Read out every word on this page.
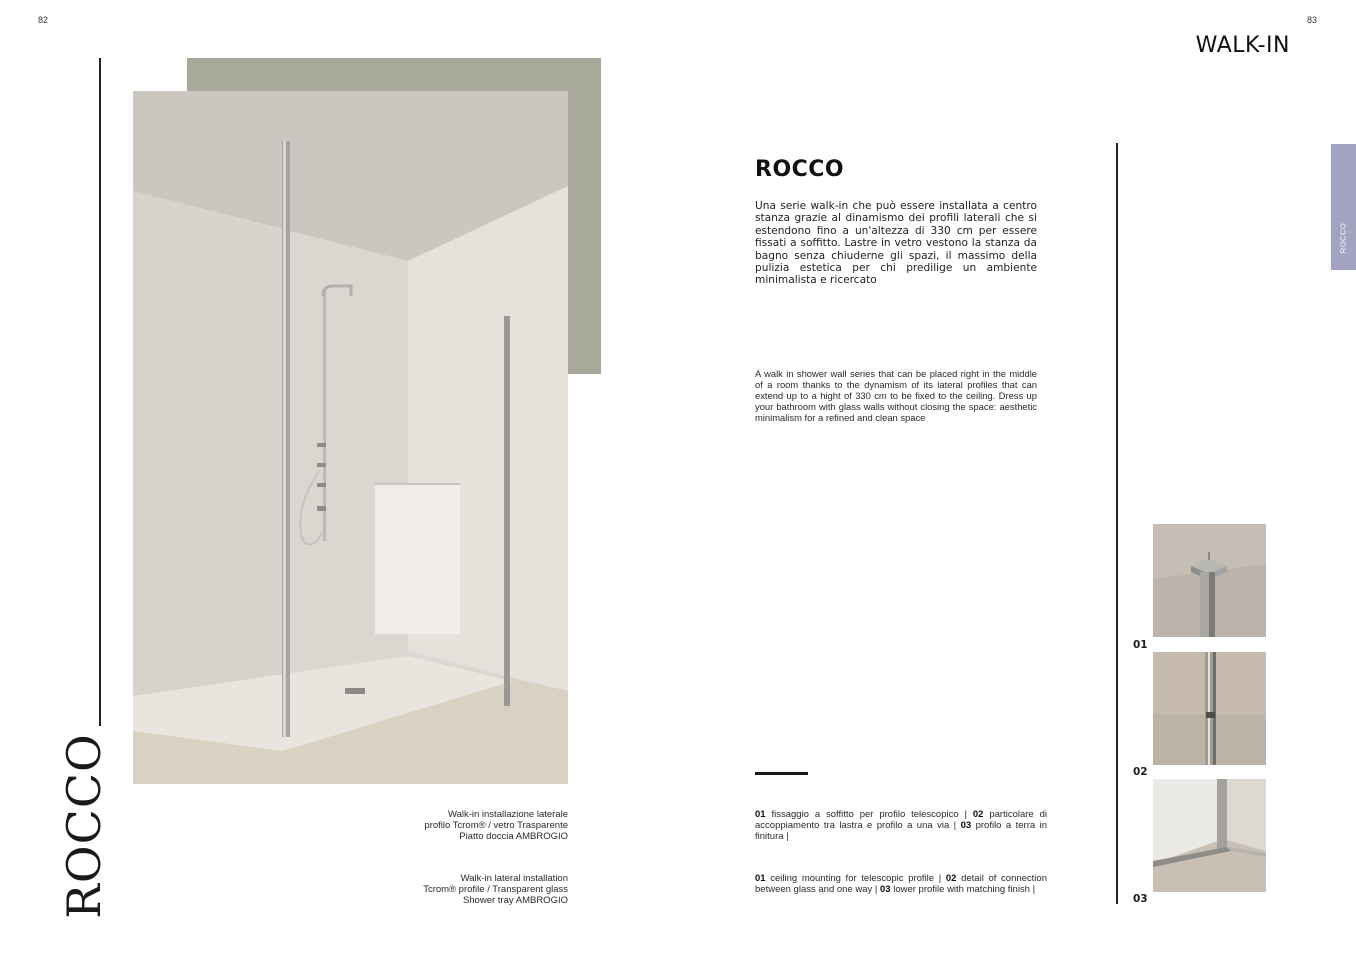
82
ROCCO	Walk-in installazione laterale
profilo Tcrom® / vetro Trasparente
Piatto doccia AMBROGIO
Walk-in lateral installation
Tcrom® profile / Transparent glass
Shower tray AMBROGIO
83
WALK-IN
ROCCO
ROCCO
Una serie walk-in che può essere installata a centro stanza grazie al dinamismo dei profili laterali che si estendono fino a un'altezza di 330 cm per essere fissati a soffitto. Lastre in vetro vestono la stanza da bagno senza chiuderne gli spazi, il massimo della pulizia estetica per chi predilige un ambiente minimalista e ricercato
A walk in shower wall series that can be placed right in the middle of a room thanks to the dynamism of its lateral profiles that can extend up to a hight of 330 cm to be fixed to the ceiling. Dress up your bathroom with glass walls without closing the space: aesthetic minimalism for a refined and clean space
01 fissaggio a soffitto per profilo telescopico | 02 particolare di accoppiamento tra lastra e profilo a una via | 03 profilo a terra in finitura |
01 ceiling mounting for telescopic profile | 02 detail of connection between glass and one way | 03 lower profile with matching finish |
01
02
03
